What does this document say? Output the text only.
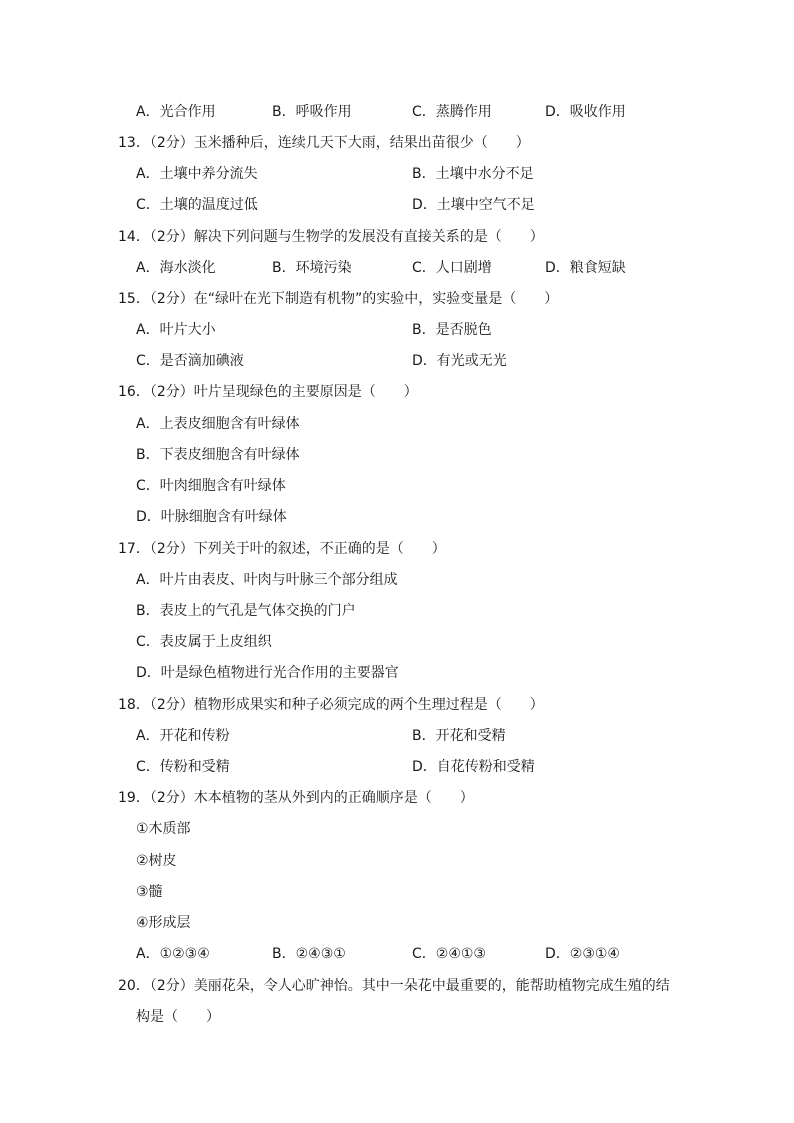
A．光合作用	B．呼吸作用	C．蒸腾作用	D．吸收作用
13．（2分）玉米播种后，连续几天下大雨，结果出苗很少（　　）
A．土壤中养分流失	B．土壤中水分不足
C．土壤的温度过低	D．土壤中空气不足
14．（2分）解决下列问题与生物学的发展没有直接关系的是（　　）
A．海水淡化	B．环境污染	C．人口剧增	D．粮食短缺
15．（2分）在“绿叶在光下制造有机物”的实验中，实验变量是（　　）
A．叶片大小	B．是否脱色
C．是否滴加碘液	D．有光或无光
16．（2分）叶片呈现绿色的主要原因是（　　）
A．上表皮细胞含有叶绿体
B．下表皮细胞含有叶绿体
C．叶肉细胞含有叶绿体
D．叶脉细胞含有叶绿体
17．（2分）下列关于叶的叙述，不正确的是（　　）
A．叶片由表皮、叶肉与叶脉三个部分组成
B．表皮上的气孔是气体交换的门户
C．表皮属于上皮组织
D．叶是绿色植物进行光合作用的主要器官
18．（2分）植物形成果实和种子必须完成的两个生理过程是（　　）
A．开花和传粉	B．开花和受精
C．传粉和受精	D．自花传粉和受精
19．（2分）木本植物的茎从外到内的正确顺序是（　　）
①木质部
②树皮
③髓
④形成层
A．①②③④	B．②④③①	C．②④①③	D．②③①④
20．（2分）美丽花朵，令人心旷神怡。其中一朵花中最重要的，能帮助植物完成生殖的结
构是（　　）
